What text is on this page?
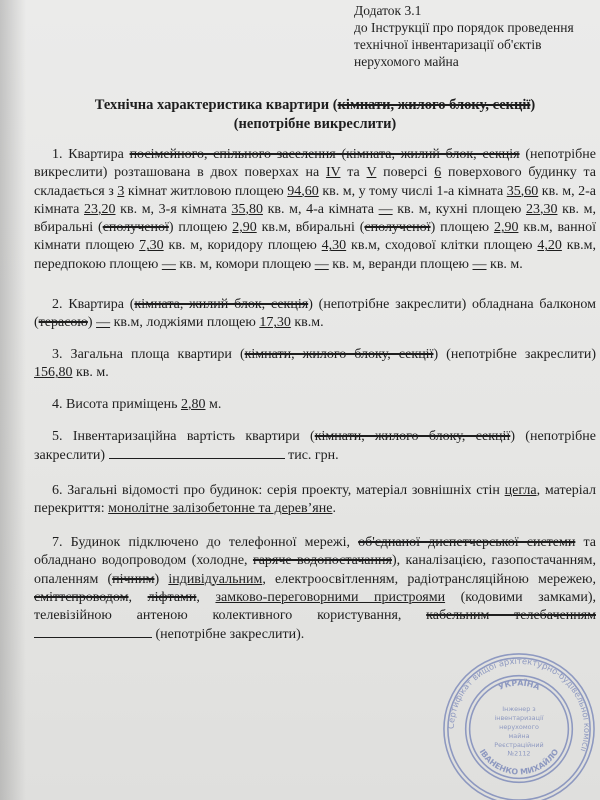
Додаток 3.1
до Інструкції про порядок проведення
технічної інвентаризації об'єктів
нерухомого майна
Технічна характеристика квартири (кімнати, жилого блоку, секції)
(непотрібне викреслити)
1. Квартира посімейного, спільного заселення (кімната, жилий блок, секція (непотрібне викреслити) розташована в двох поверхах на IV та V поверсі 6 поверхового будинку та складається з 3 кімнат житловою площею 94,60 кв. м, у тому числі 1-а кімната 35,60 кв. м, 2-а кімната 23,20 кв. м, 3-я кімната 35,80 кв. м, 4-а кімната — кв. м, кухні площею 23,30 кв. м, вбиральні (сполученої) площею 2,90 кв.м, вбиральні (сполученої) площею 2,90 кв.м, ванної кімнати площею 7,30 кв. м, коридору площею 4,30 кв.м, сходової клітки площею 4,20 кв.м, передпокою площею — кв. м, комори площею — кв. м, веранди площею — кв. м.
2. Квартира (кімната, жилий блок, секція) (непотрібне закреслити) обладнана балконом (терасою) — кв.м, лоджіями площею 17,30 кв.м.
3. Загальна площа квартири (кімнати, жилого блоку, секції) (непотрібне закреслити) 156,80 кв. м.
4. Висота приміщень 2,80 м.
5. Інвентаризаційна вартість квартири (кімнати, жилого блоку, секції) (непотрібне закреслити)	тис. грн.
6. Загальні відомості про будинок: серія проекту, матеріал зовнішніх стін цегла, матеріал перекриття: монолітне залізобетонне та дерев’яне.
7. Будинок підключено до телефонної мережі, об'єднаної диспетчерської системи та обладнано водопроводом (холодне, гаряче водопостачання), каналізацією, газопостачанням, опаленням (пічним) індивідуальним, електроосвітленням, радіотрансляційною мережею, сміттєпроводом, ліфтами, замково-переговорними пристроями (кодовими замками), телевізійною антеною колективного користування, кабельним телебаченням  (непотрібне закреслити).
Сертифікат вищої архітектурно-будівельної комісії
УКРАЇНА
ІВАНЕНКО МИХАЙЛО
Інженер з
інвентаризації
нерухомого
майна
Реєстраційний
№2112
